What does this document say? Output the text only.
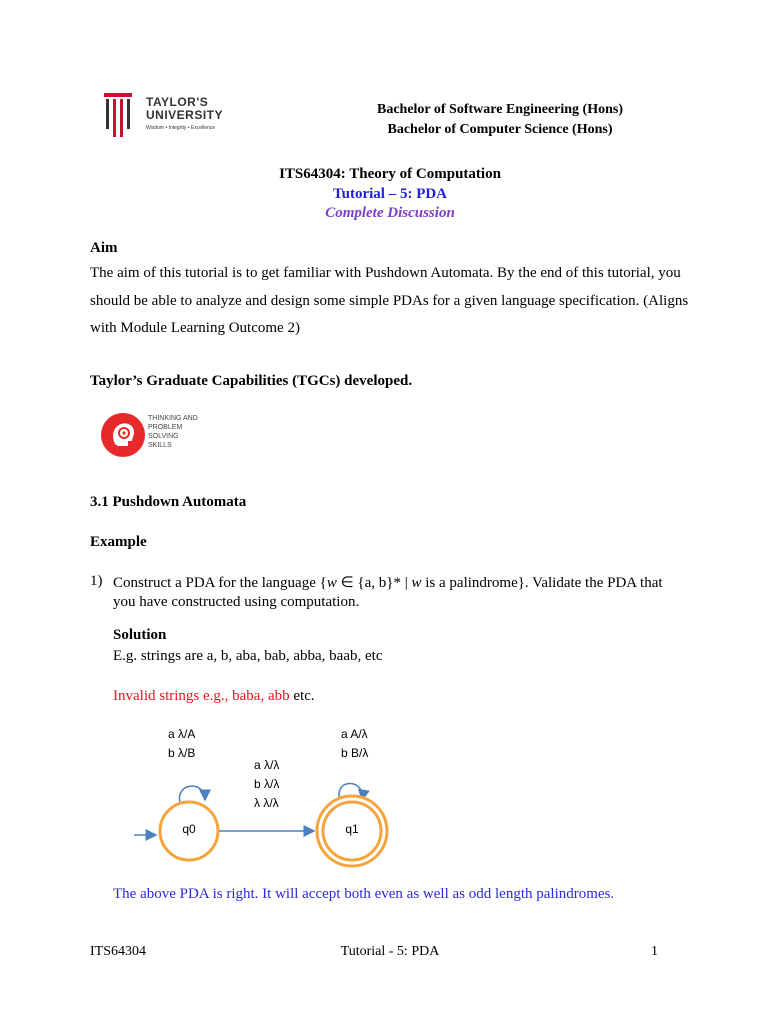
TAYLOR'S
UNIVERSITY
Wisdom • Integrity • Excellence
Bachelor of Software Engineering (Hons)
Bachelor of Computer Science (Hons)
ITS64304: Theory of Computation
Tutorial – 5: PDA
Complete Discussion
Aim
The aim of this tutorial is to get familiar with Pushdown Automata. By the end of this tutorial, you
should be able to analyze and design some simple PDAs for a given language specification. (Aligns
with Module Learning Outcome 2)
Taylor’s Graduate Capabilities (TGCs) developed.
THINKING AND
PROBLEM
SOLVING
SKILLS
3.1 Pushdown Automata
Example
1) Construct a PDA for the language {w ∈ {a, b}* | w is a palindrome}. Validate the PDA that
you have constructed using computation.
Solution
E.g. strings are a, b, aba, bab, abba, baab, etc
Invalid strings e.g., baba, abb etc.
a λ/A
b λ/B
a λ/λ
b λ/λ
λ λ/λ
a A/λ
b B/λ
q0	q1
The above PDA is right. It will accept both even as well as odd length palindromes.
ITS64304	Tutorial - 5: PDA	1
